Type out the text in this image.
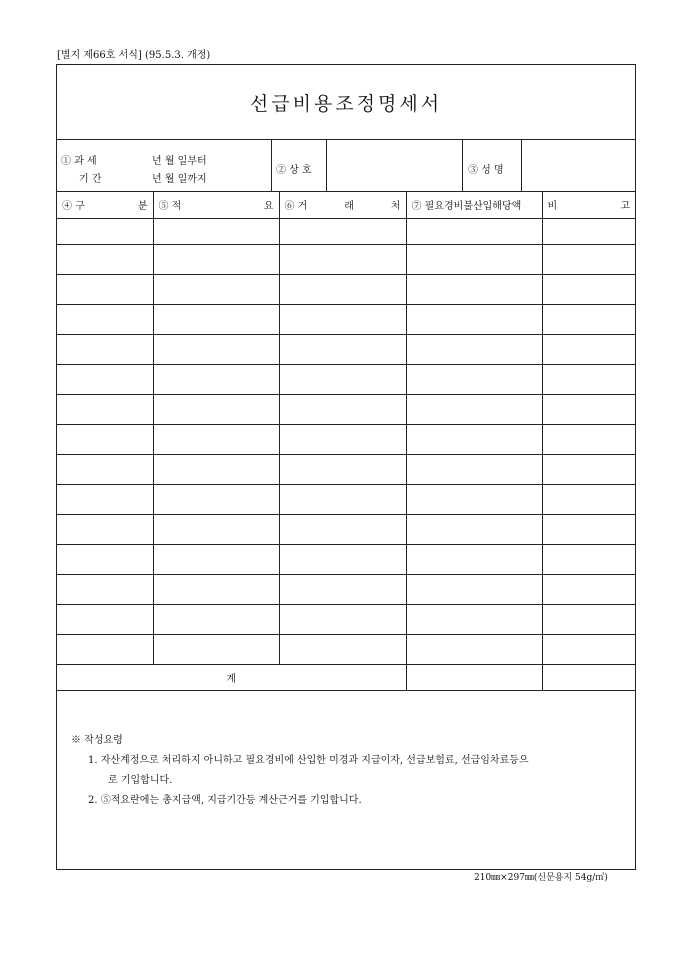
[별지 제66호 서식] (95.5.3. 개정)
선급비용조정명세서
① 과 세
기 간
년 월 일부터
년 월 일까지
② 상 호	③ 성 명
④ 구 분	⑤ 적 요	⑥ 거 래 처	⑦ 필요경비불산입해당액	비 고

계				
※ 작성요령
1. 자산계정으로 처리하지 아니하고 필요경비에 산입한 미경과 지급이자, 선급보험료, 선급임차료등으
로 기입합니다.
2. ⑤적요란에는 총지급액, 지급기간등 계산근거를 기입합니다.
210㎜×297㎜(신문용지 54g/㎡)
